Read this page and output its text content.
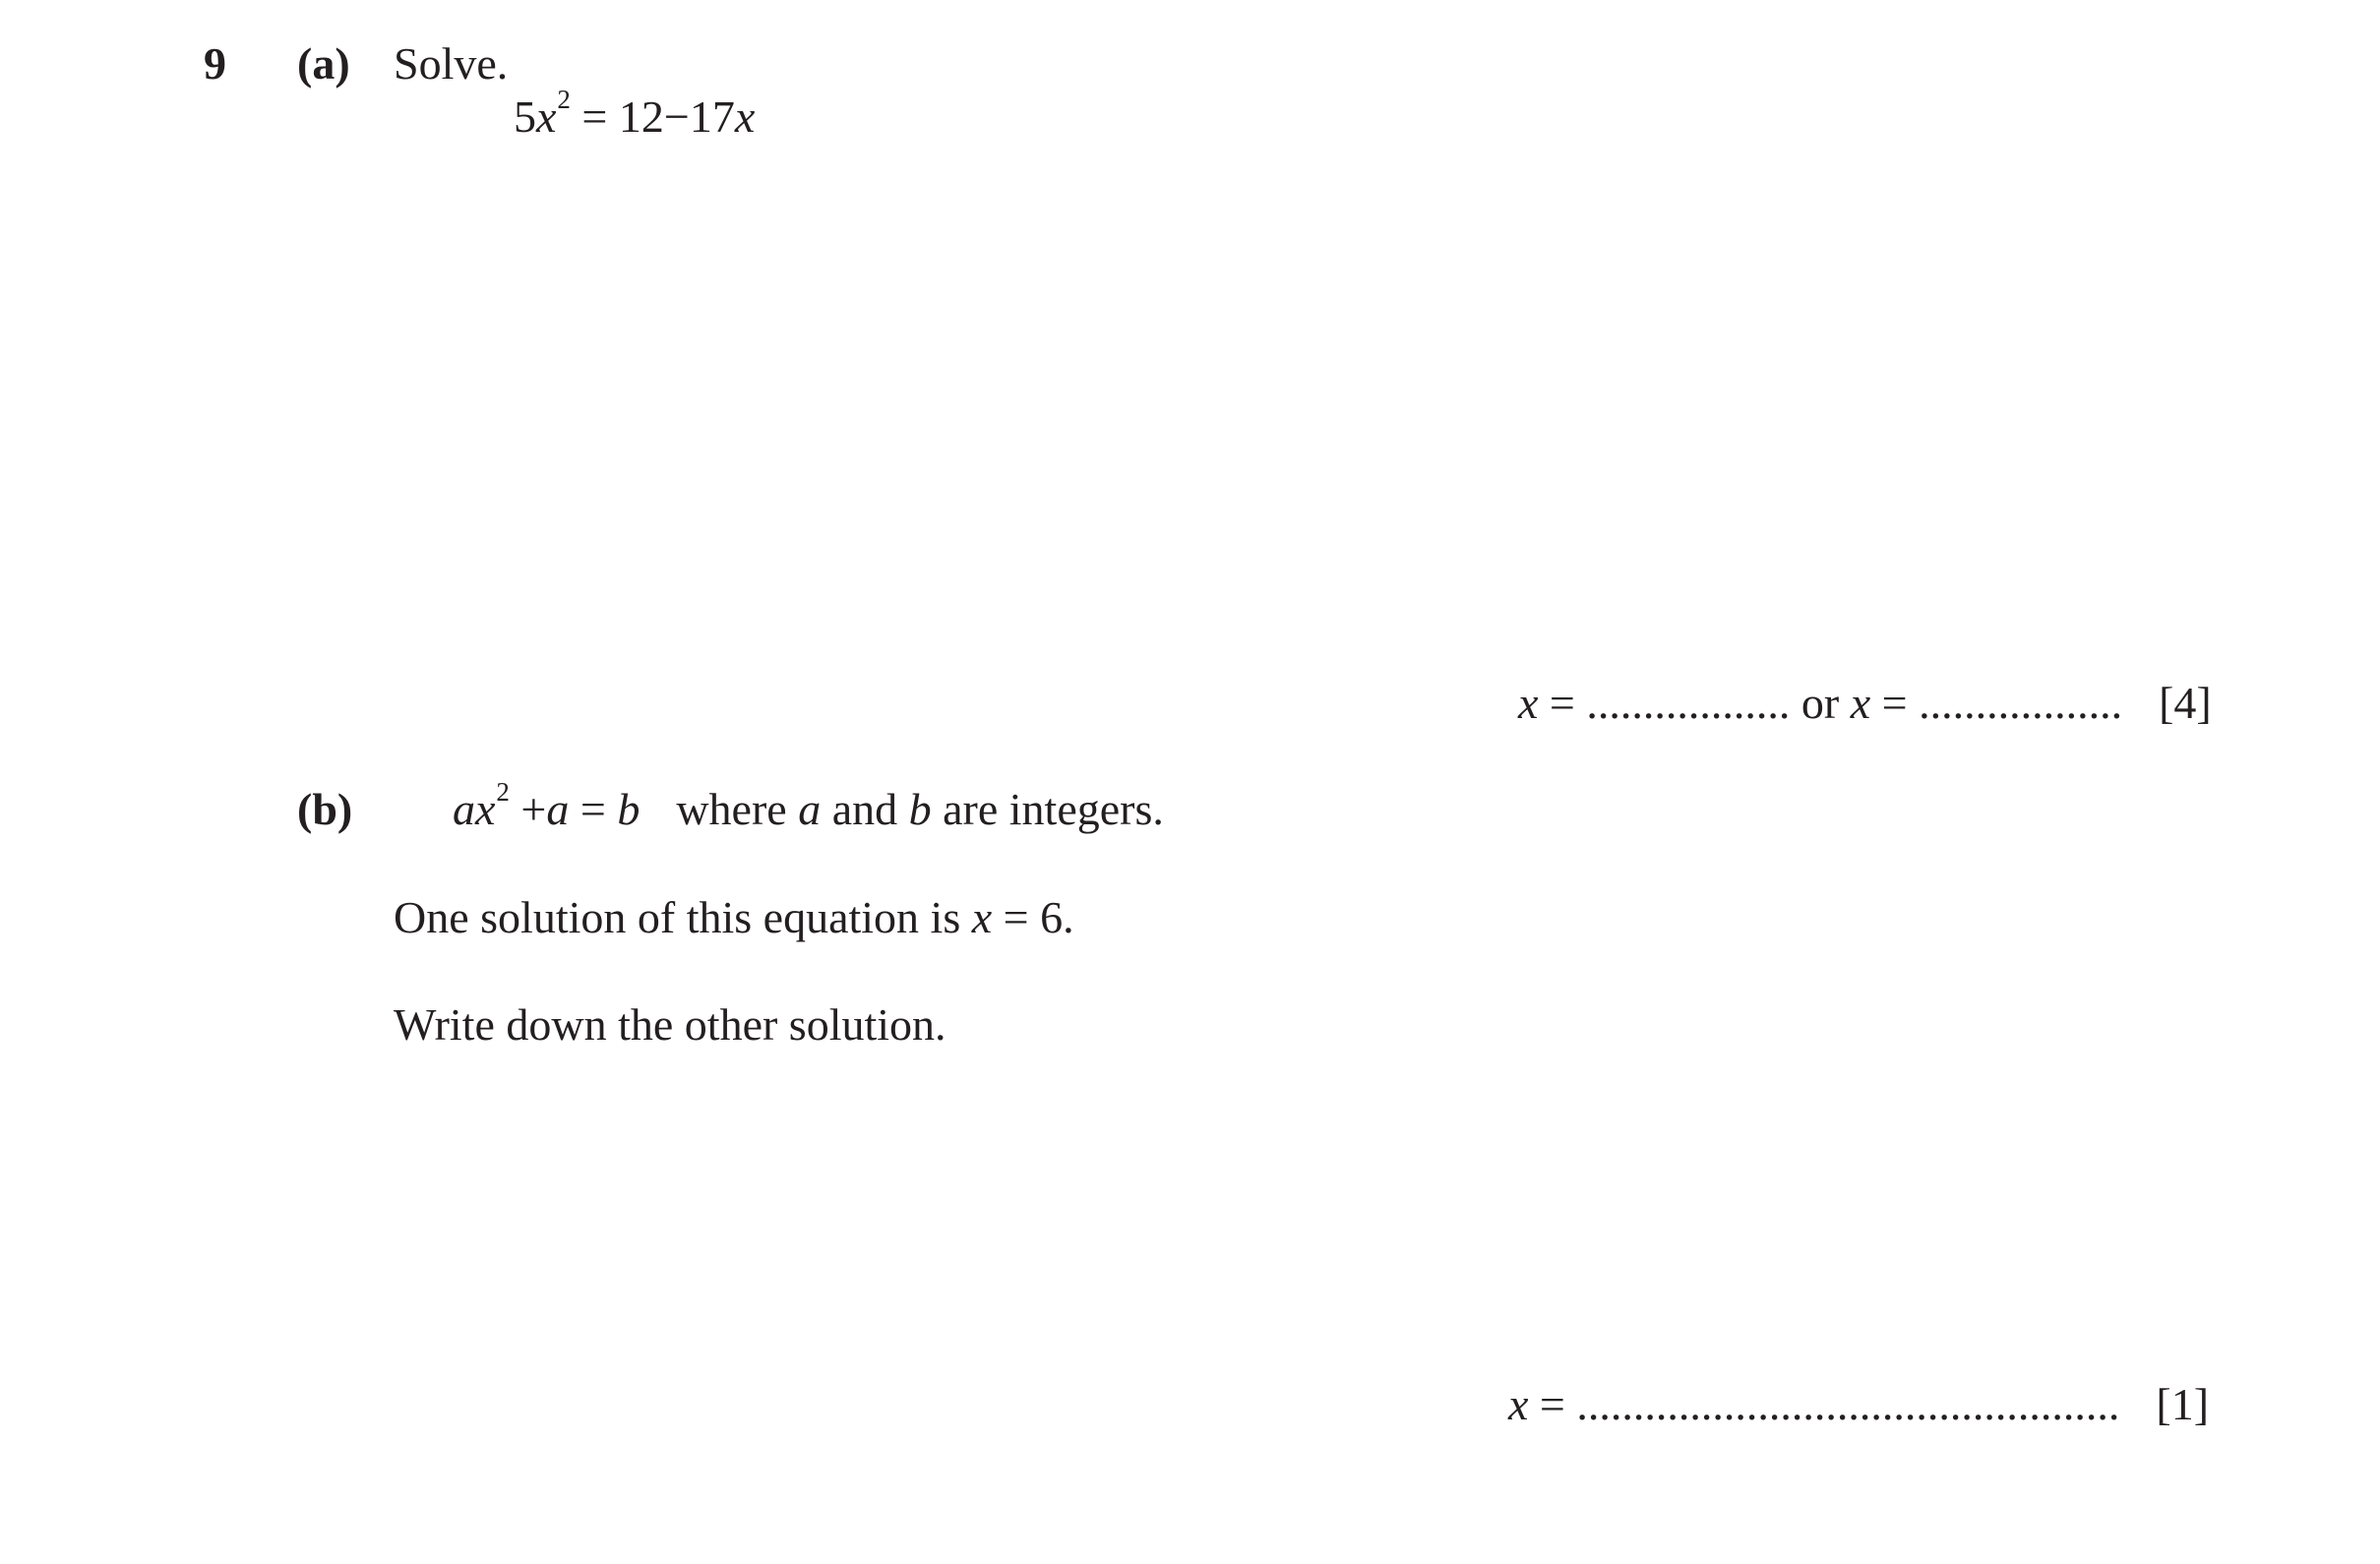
9 (a) Solve.
$5x^2 = 12-17x$
x = .................. or x = .................. [4]
(b) $ax^2 +a = b$ where a and b are integers.
One solution of this equation is x = 6.
Write down the other solution.
x = ................................................ [1]
